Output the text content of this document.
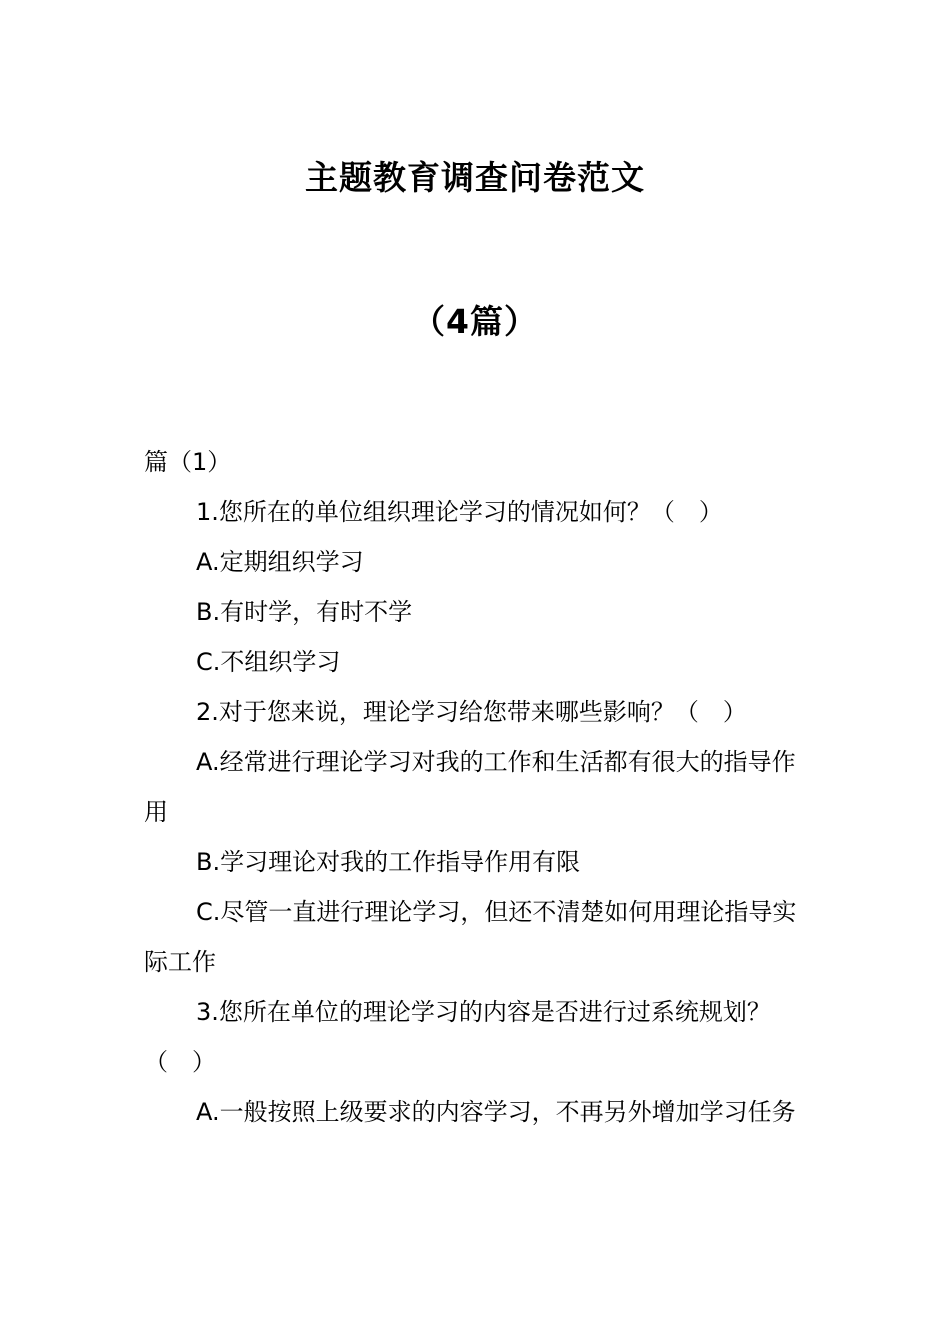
主题教育调查问卷范文
（4篇）

篇（1）

1.您所在的单位组织理论学习的情况如何？（　）

A.定期组织学习

B.有时学，有时不学

C.不组织学习

2.对于您来说，理论学习给您带来哪些影响？（　）

A.经常进行理论学习对我的工作和生活都有很大的指导作用

B.学习理论对我的工作指导作用有限

C.尽管一直进行理论学习，但还不清楚如何用理论指导实际工作

3.您所在单位的理论学习的内容是否进行过系统规划？（　）

A.一般按照上级要求的内容学习，不再另外增加学习任务
